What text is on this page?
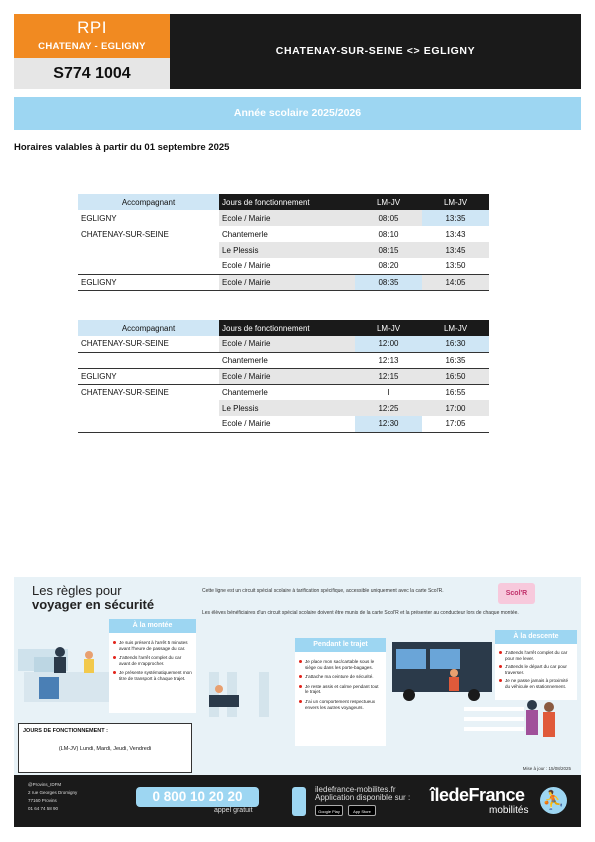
RPI
CHATENAY - EGLIGNY
S774 1004
CHATENAY-SUR-SEINE <> EGLIGNY
Année scolaire 2025/2026
Horaires valables à partir du 01 septembre 2025
Accompagnant	Jours de fonctionnement	LM-JV	LM-JV
EGLIGNY	Ecole / Mairie	08:05	13:35
CHATENAY-SUR-SEINE	Chantemerle	08:10	13:43
	Le Plessis	08:15	13:45
	Ecole / Mairie	08:20	13:50
EGLIGNY	Ecole / Mairie	08:35	14:05
Accompagnant	Jours de fonctionnement	LM-JV	LM-JV
CHATENAY-SUR-SEINE	Ecole / Mairie	12:00	16:30
	Chantemerle	12:13	16:35
EGLIGNY	Ecole / Mairie	12:15	16:50
CHATENAY-SUR-SEINE	Chantemerle	I	16:55
	Le Plessis	12:25	17:00
	Ecole / Mairie	12:30	17:05
Les règles pour
voyager en sécurité
Cette ligne est un circuit spécial scolaire à tarification spécifique, accessible uniquement avec la carte Scol'R.
Les élèves bénéficiaires d'un circuit spécial scolaire doivent être munis de la carte Scol'R et la présenter au conducteur lors de chaque montée.
Scol'R
À la montée
Je suis présent à l'arrêt 5 minutes avant l'heure de passage du car.
J'attends l'arrêt complet du car avant de m'approcher.
Je présente systématiquement mon titre de transport à chaque trajet.
Pendant le trajet
Je place mon sac/cartable sous le siège ou dans les porte-bagages.
J'attache ma ceinture de sécurité.
Je reste assis et calme pendant tout le trajet.
J'ai un comportement respectueux envers les autres voyageurs.
À la descente
J'attends l'arrêt complet du car pour me lever.
J'attends le départ du car pour traverser.
Je ne passe jamais à proximité du véhicule en stationnement.
JOURS DE FONCTIONNEMENT :
(LM-JV) Lundi, Mardi, Jeudi, Vendredi
Mise à jour : 15/08/2025
@Provins_IDFM
2 rue Georges Dromigny
77160 Provins
01 64 74 58 90
0 800 10 20 20
appel gratuit
iledefrance-mobilites.fr
Application disponible sur :
Google Play	App Store
îledeFrance
mobilités
⛹
